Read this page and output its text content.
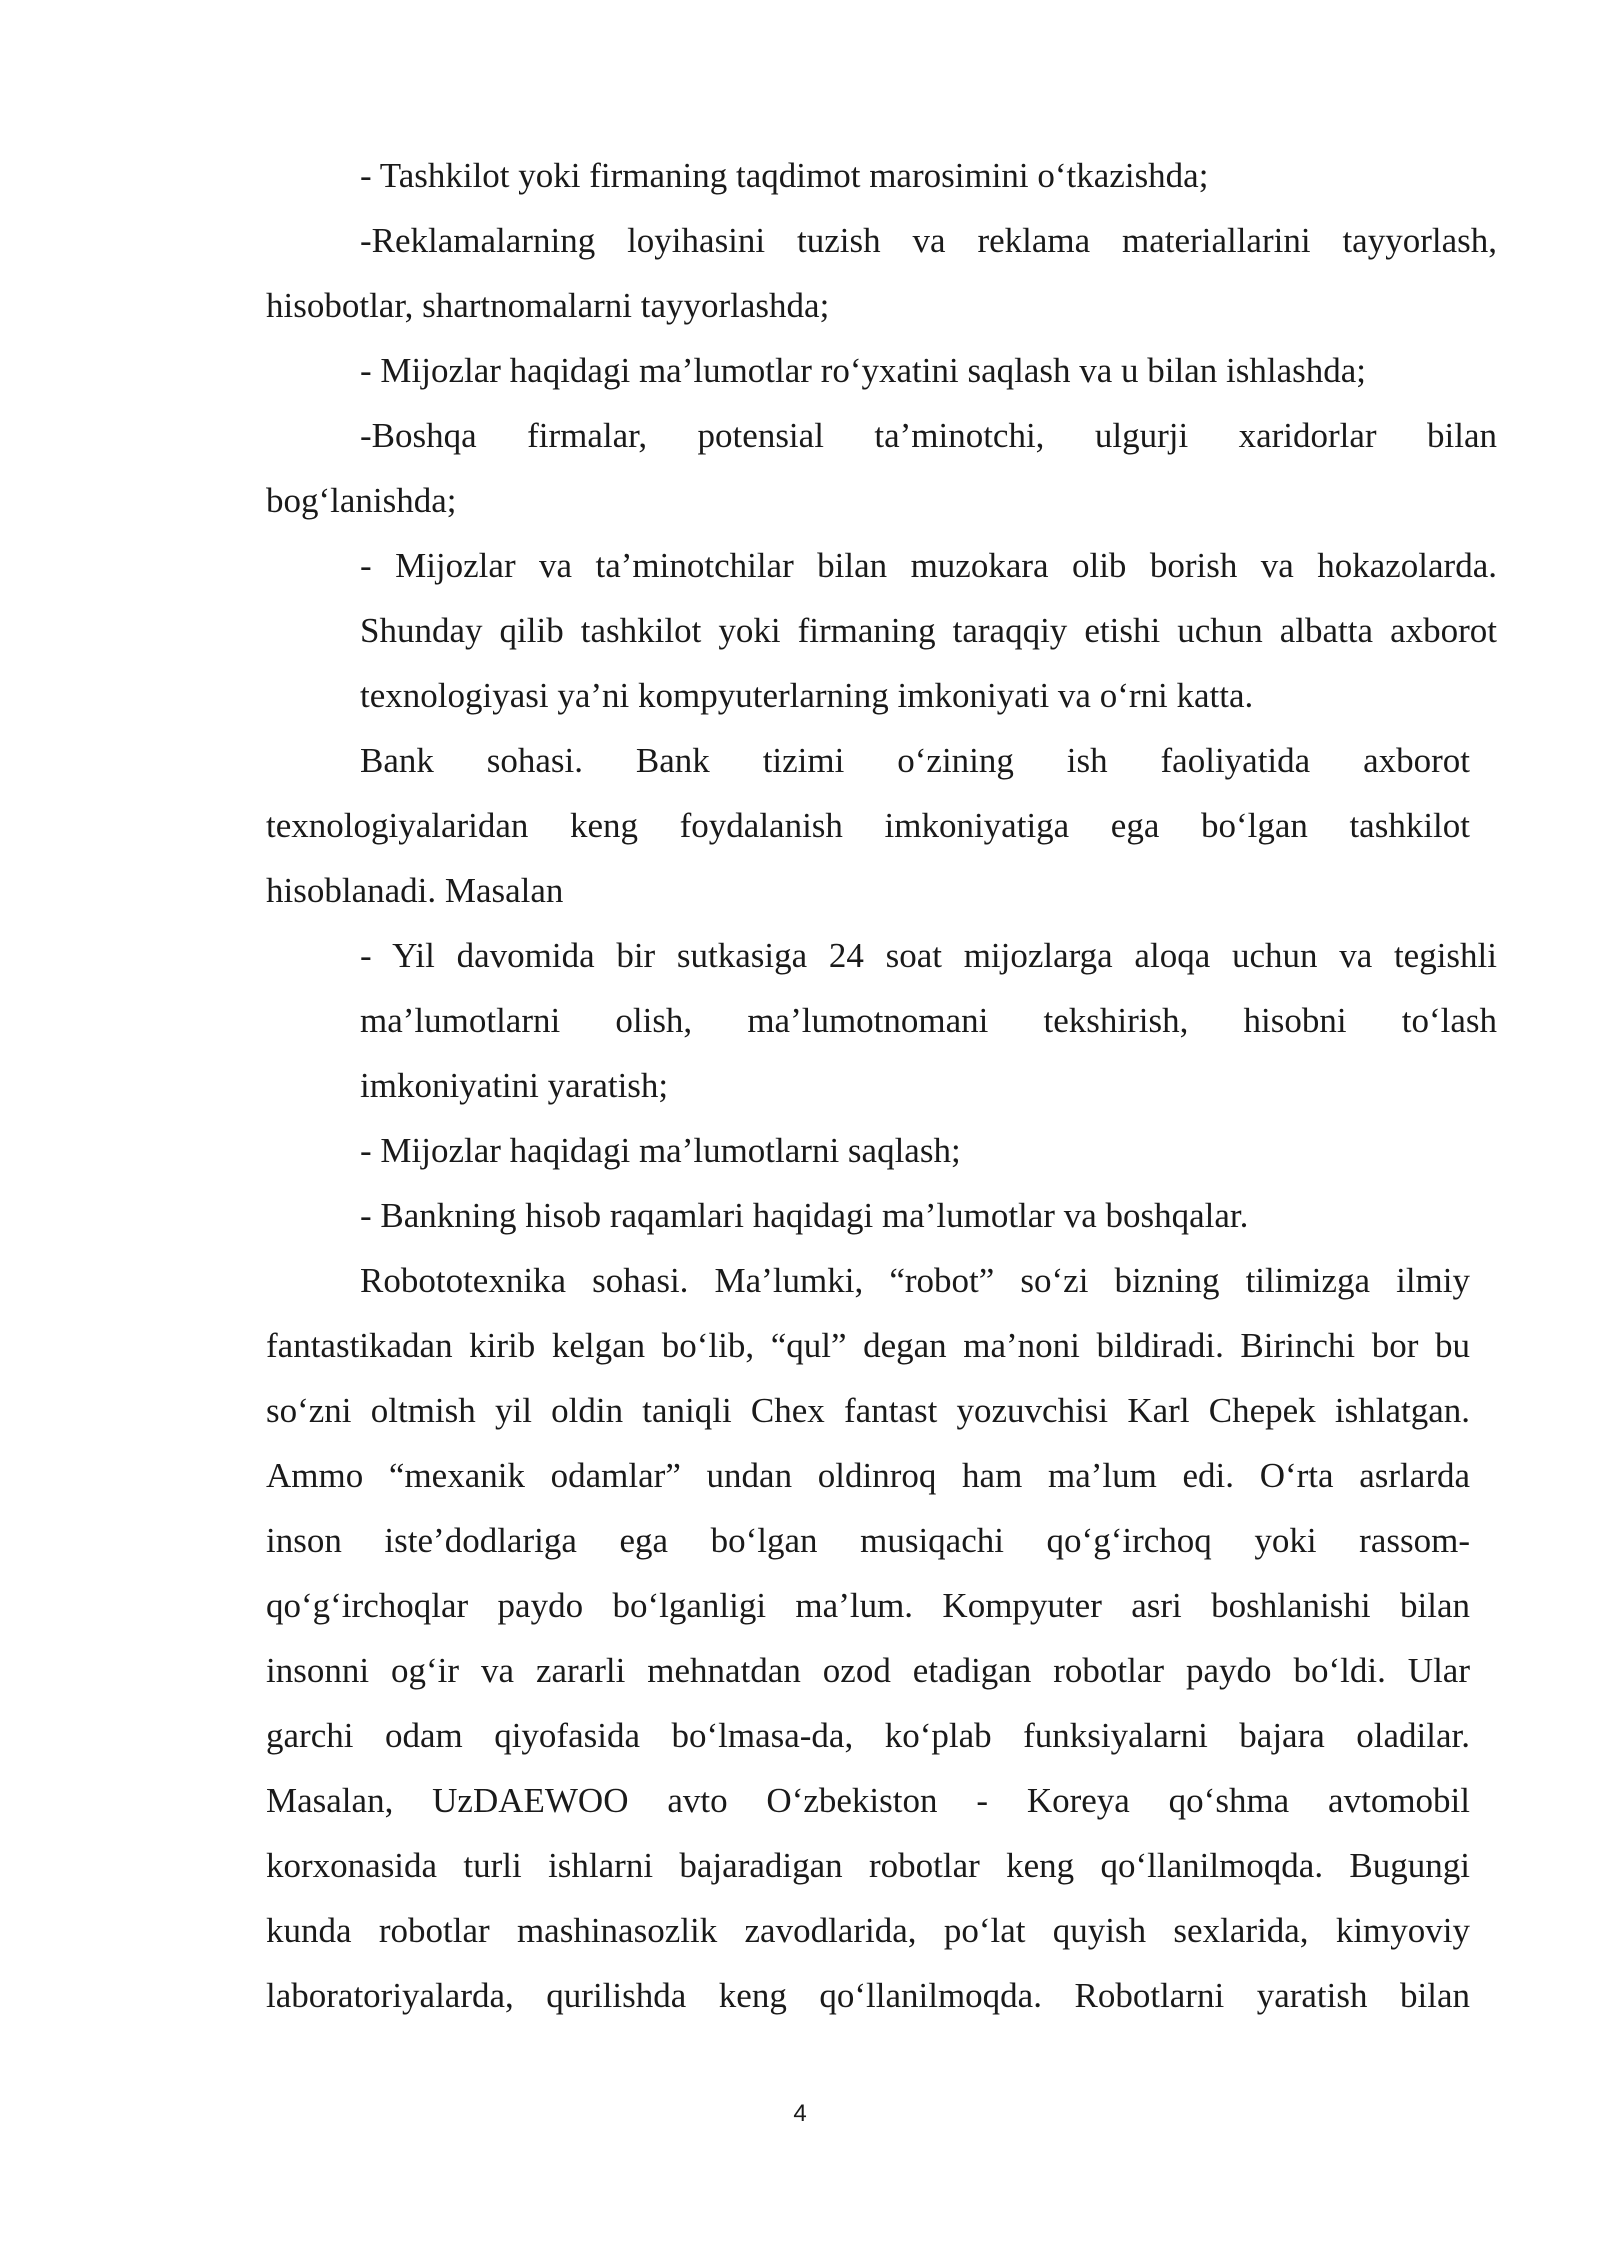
- Tashkilot yoki firmaning taqdimot marosimini o‘tkazishda;
-Reklamalarning loyihasini tuzish va reklama materiallarini tayyorlash,
hisobotlar, shartnomalarni tayyorlashda;
- Mijozlar haqidagi ma’lumotlar ro‘yxatini saqlash va u bilan ishlashda;
-Boshqa firmalar, potensial ta’minotchi, ulgurji xaridorlar bilan
bog‘lanishda;
- Mijozlar va ta’minotchilar bilan muzokara olib borish va hokazolarda.
Shunday qilib tashkilot yoki firmaning taraqqiy etishi uchun albatta axborot
texnologiyasi ya’ni kompyuterlarning imkoniyati va o‘rni katta.
Bank sohasi. Bank tizimi o‘zining ish faoliyatida axborot
texnologiyalaridan keng foydalanish imkoniyatiga ega bo‘lgan tashkilot
hisoblanadi. Masalan
- Yil davomida bir sutkasiga 24 soat mijozlarga aloqa uchun va tegishli
ma’lumotlarni olish, ma’lumotnomani tekshirish, hisobni to‘lash
imkoniyatini yaratish;
- Mijozlar haqidagi ma’lumotlarni saqlash;
- Bankning hisob raqamlari haqidagi ma’lumotlar va boshqalar.
Robototexnika sohasi. Ma’lumki, “robot” so‘zi bizning tilimizga ilmiy
fantastikadan kirib kelgan bo‘lib, “qul” degan ma’noni bildiradi. Birinchi bor bu
so‘zni oltmish yil oldin taniqli Chex fantast yozuvchisi Karl Chepek ishlatgan.
Ammo “mexanik odamlar” undan oldinroq ham ma’lum edi. O‘rta asrlarda
inson iste’dodlariga ega bo‘lgan musiqachi qo‘g‘irchoq yoki rassom-
qo‘g‘irchoqlar paydo bo‘lganligi ma’lum. Kompyuter asri boshlanishi bilan
insonni og‘ir va zararli mehnatdan ozod etadigan robotlar paydo bo‘ldi. Ular
garchi odam qiyofasida bo‘lmasa-da, ko‘plab funksiyalarni bajara oladilar.
Masalan, UzDAEWOO avto O‘zbekiston - Koreya qo‘shma avtomobil
korxonasida turli ishlarni bajaradigan robotlar keng qo‘llanilmoqda. Bugungi
kunda robotlar mashinasozlik zavodlarida, po‘lat quyish sexlarida, kimyoviy
laboratoriyalarda, qurilishda keng qo‘llanilmoqda. Robotlarni yaratish bilan
4
